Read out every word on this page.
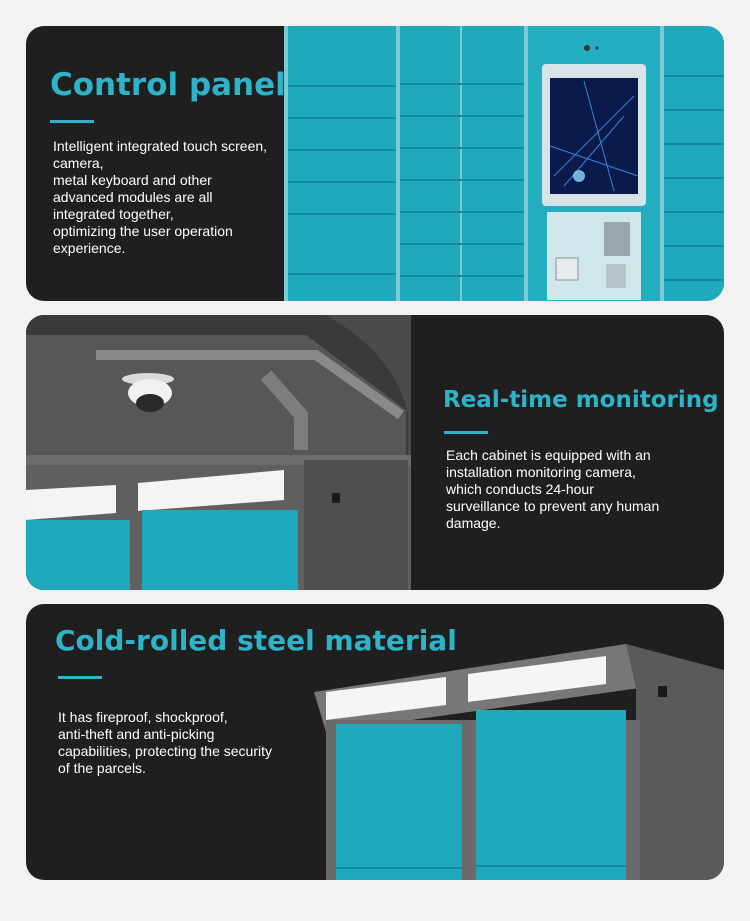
Control panel
Intelligent integrated touch screen,
camera,
metal keyboard and other
advanced modules are all
integrated together,
optimizing the user operation
experience.
Real-time monitoring
Each cabinet is equipped with an
installation monitoring camera,
which conducts 24-hour
surveillance to prevent any human
damage.
Cold-rolled steel material
It has fireproof, shockproof,
anti-theft and anti-picking
capabilities, protecting the security
of the parcels.
